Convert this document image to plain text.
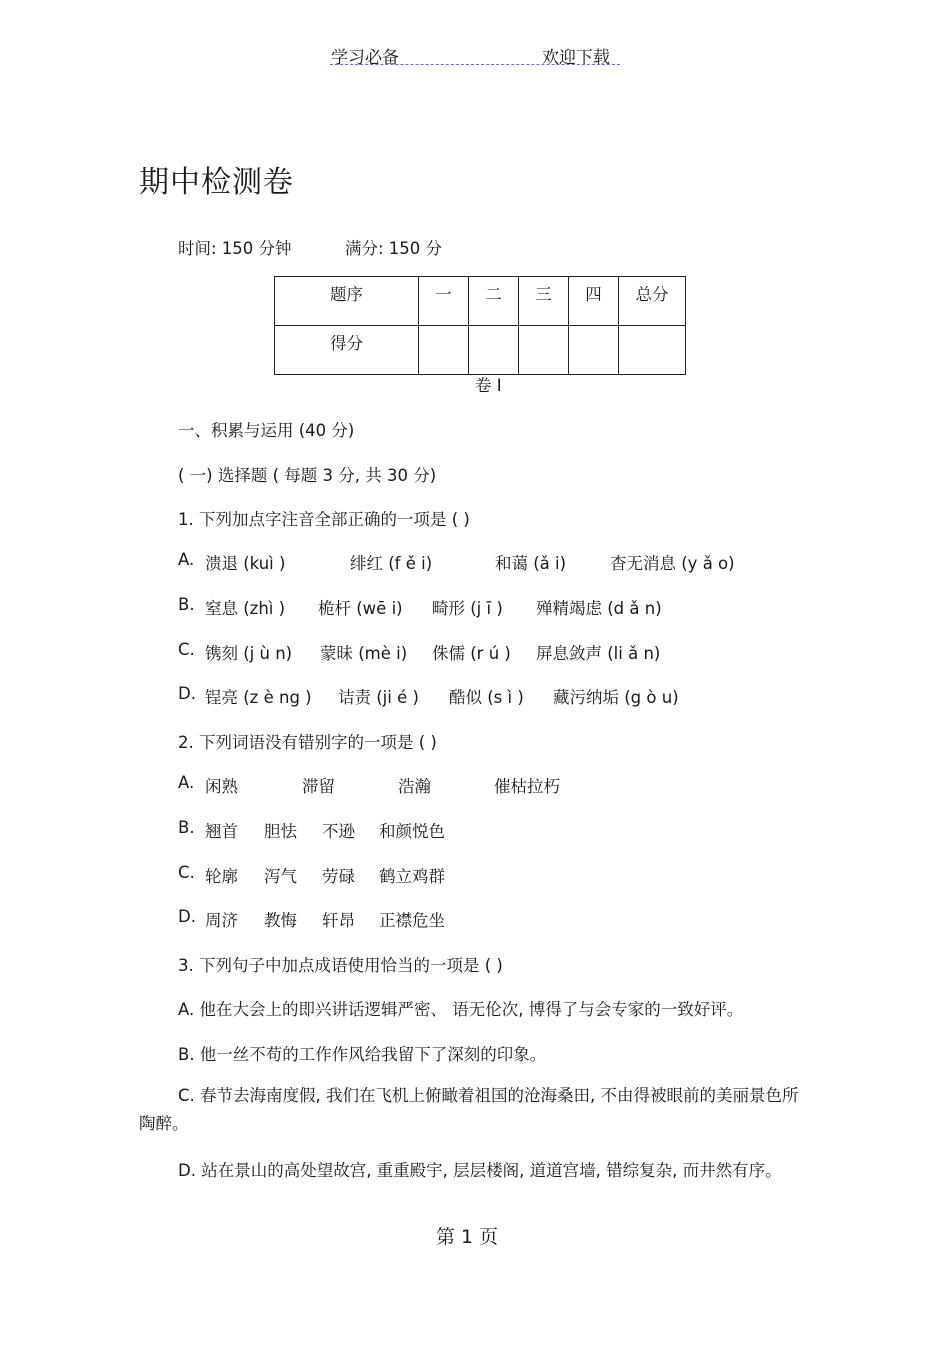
学习必备	欢迎下载
期中检测卷
时间: 150 分钟	满分: 150 分
题序	一	二	三	四	总分
得分					
卷 I
一、积累与运用 (40 分)
( 一) 选择题 ( 每题 3 分, 共 30 分)
1. 下列加点字注音全部正确的一项是 ( )
A. 溃退 (kuì )	绯红 (f ě i)	和蔼 (ǎ i)	杳无消息 (y ǎ o)
B. 窒息 (zhì ) 桅杆 (wē i) 畸形 (j ī ) 殚精竭虑 (d ǎ n)
C. 镌刻 (j ù n) 蒙昧 (mè i) 侏儒 (r ú ) 屏息敛声 (li ǎ n)
D. 锃亮 (z è ng ) 诘责 (ji é ) 酷似 (s ì ) 藏污纳垢 (g ò u)
2. 下列词语没有错别字的一项是 ( )
A. 闲熟	滞留	浩瀚	催枯拉朽
B. 翘首 胆怯 不逊 和颜悦色
C. 轮廓 泻气 劳碌 鹤立鸡群
D. 周济 教悔 轩昂 正襟危坐
3. 下列句子中加点成语使用恰当的一项是 ( )
A. 他在大会上的即兴讲话逻辑严密、 语无伦次, 博得了与会专家的一致好评。
B. 他一丝不苟的工作作风给我留下了深刻的印象。
C. 春节去海南度假, 我们在飞机上俯瞰着祖国的沧海桑田, 不由得被眼前的美丽景色所陶醉。
D. 站在景山的高处望故宫, 重重殿宇, 层层楼阁, 道道宫墙, 错综复杂, 而井然有序。
第 1 页
